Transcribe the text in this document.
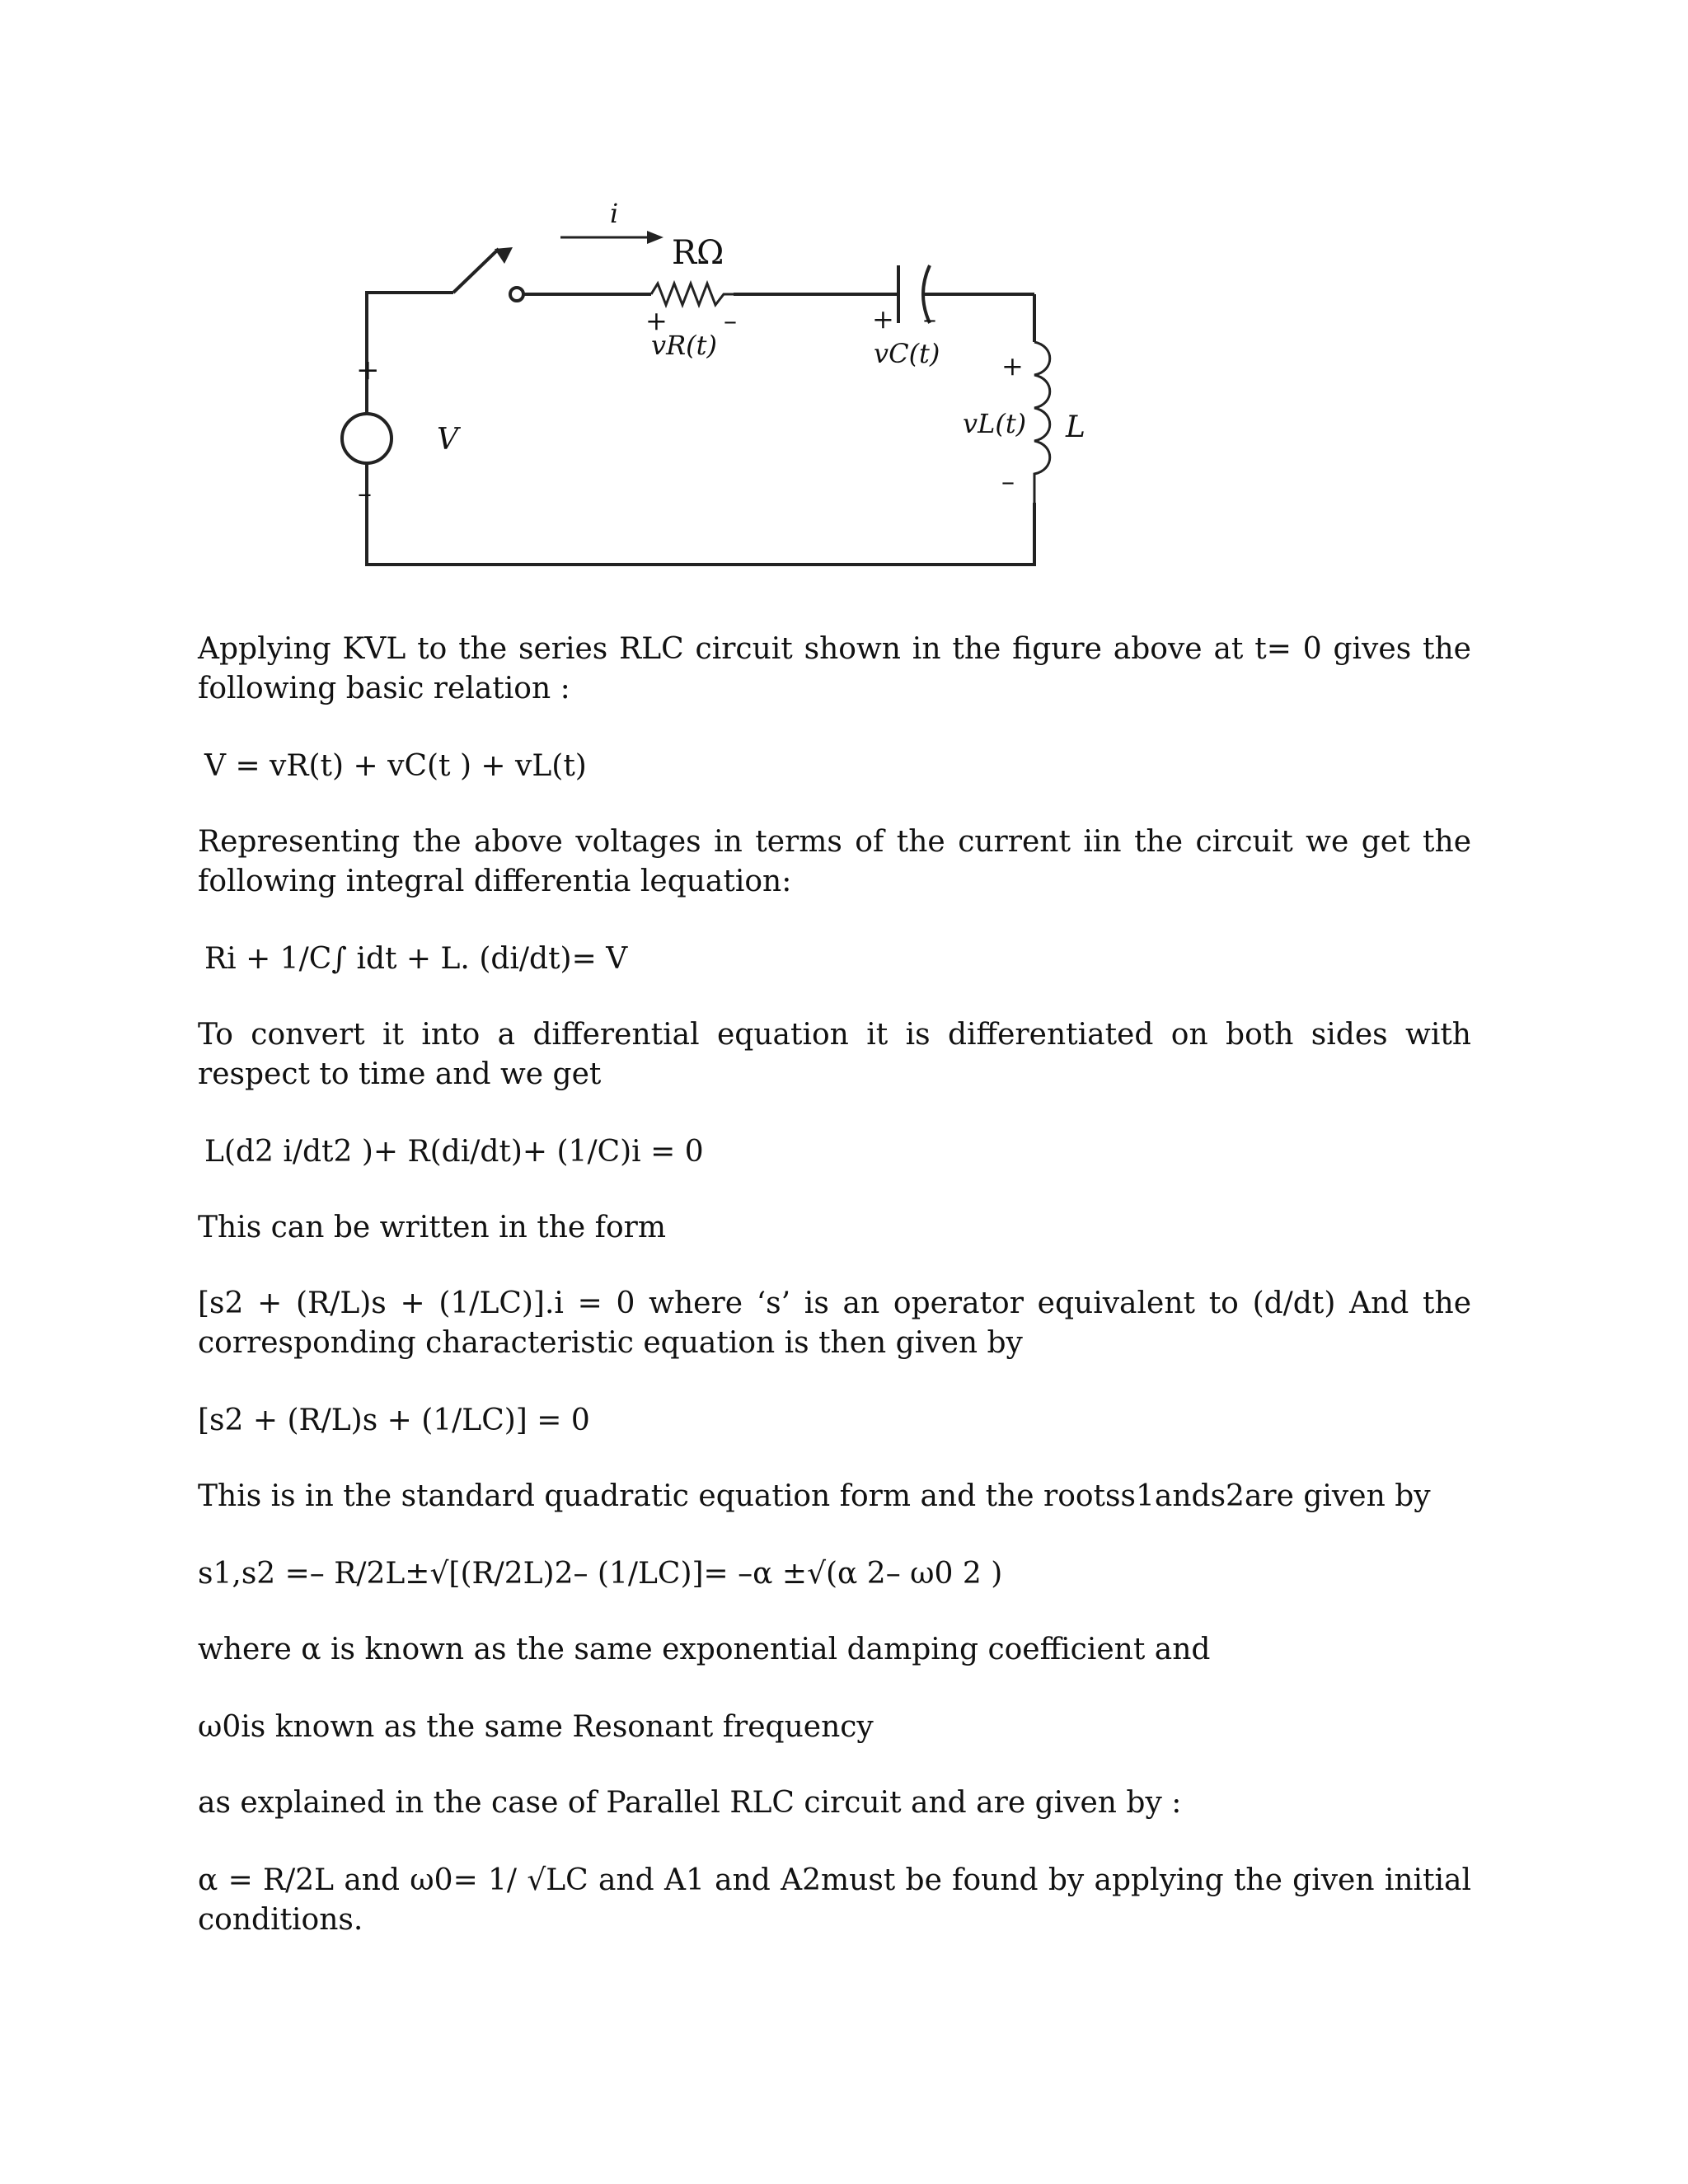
+
–
V
i
RΩ
+ –
vR(t)
+ –
vC(t) +
–
vL(t) L

Applying KVL to the series RLC circuit shown in the figure above at t= 0 gives the following basic relation :

V = vR(t) + vC(t ) + vL(t)

Representing the above voltages in terms of the current iin the circuit we get the following integral differentia lequation:

Ri + 1/C∫ idt + L. (di/dt)= V

To convert it into a differential equation it is differentiated on both sides with respect to time and we get

L(d2 i/dt2 )+ R(di/dt)+ (1/C)i = 0

This can be written in the form

[s2 + (R/L)s + (1/LC)].i = 0 where ‘s’ is an operator equivalent to (d/dt) And the corresponding characteristic equation is then given by

[s2 + (R/L)s + (1/LC)] = 0

This is in the standard quadratic equation form and the rootss1ands2are given by

s1,s2 =– R/2L±√[(R/2L)2– (1/LC)]= –α ±√(α 2– ω0 2 )

where α is known as the same exponential damping coefficient and

ω0is known as the same Resonant frequency

as explained in the case of Parallel RLC circuit and are given by :

α = R/2L and ω0= 1/ √LC and A1 and A2must be found by applying the given initial conditions.
